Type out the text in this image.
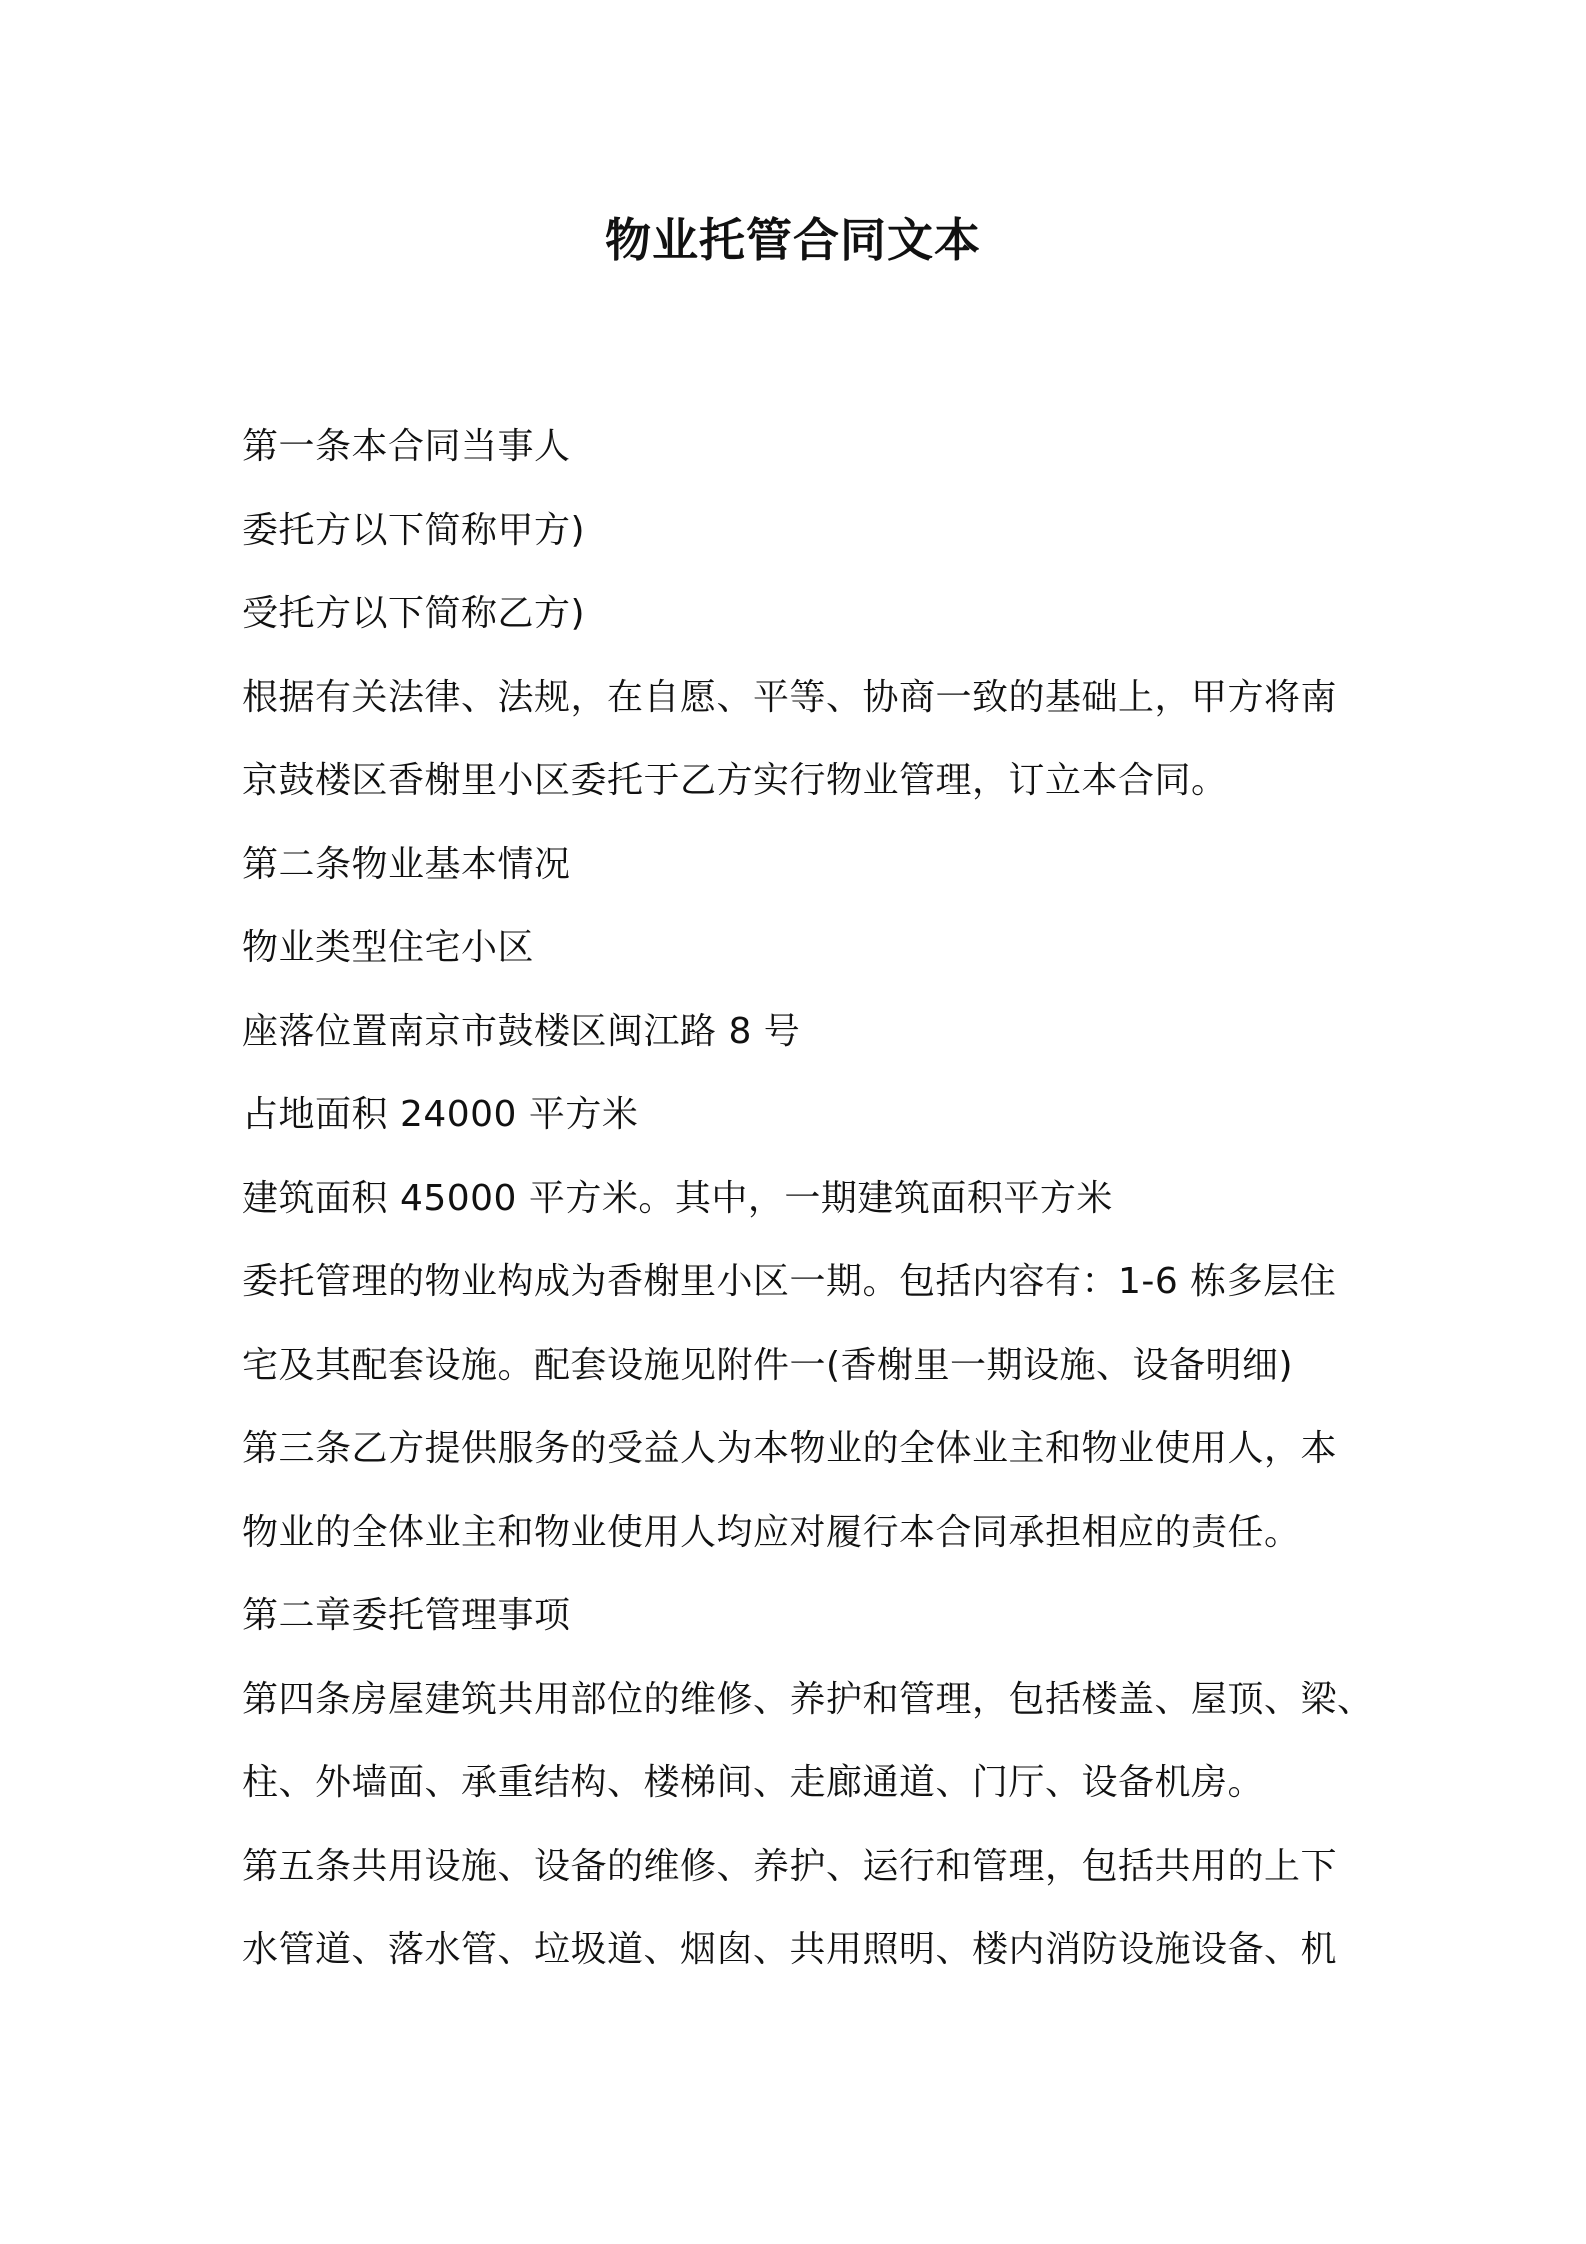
物业托管合同文本
第一条本合同当事人
委托方以下简称甲方)
受托方以下简称乙方)
根据有关法律、法规，在自愿、平等、协商一致的基础上，甲方将南
京鼓楼区香榭里小区委托于乙方实行物业管理，订立本合同。
第二条物业基本情况
物业类型住宅小区
座落位置南京市鼓楼区闽江路 8 号
占地面积 24000 平方米
建筑面积 45000 平方米。其中，一期建筑面积平方米
委托管理的物业构成为香榭里小区一期。包括内容有：1-6 栋多层住
宅及其配套设施。配套设施见附件一(香榭里一期设施、设备明细)
第三条乙方提供服务的受益人为本物业的全体业主和物业使用人，本
物业的全体业主和物业使用人均应对履行本合同承担相应的责任。
第二章委托管理事项
第四条房屋建筑共用部位的维修、养护和管理，包括楼盖、屋顶、梁、
柱、外墙面、承重结构、楼梯间、走廊通道、门厅、设备机房。
第五条共用设施、设备的维修、养护、运行和管理，包括共用的上下
水管道、落水管、垃圾道、烟囱、共用照明、楼内消防设施设备、机
